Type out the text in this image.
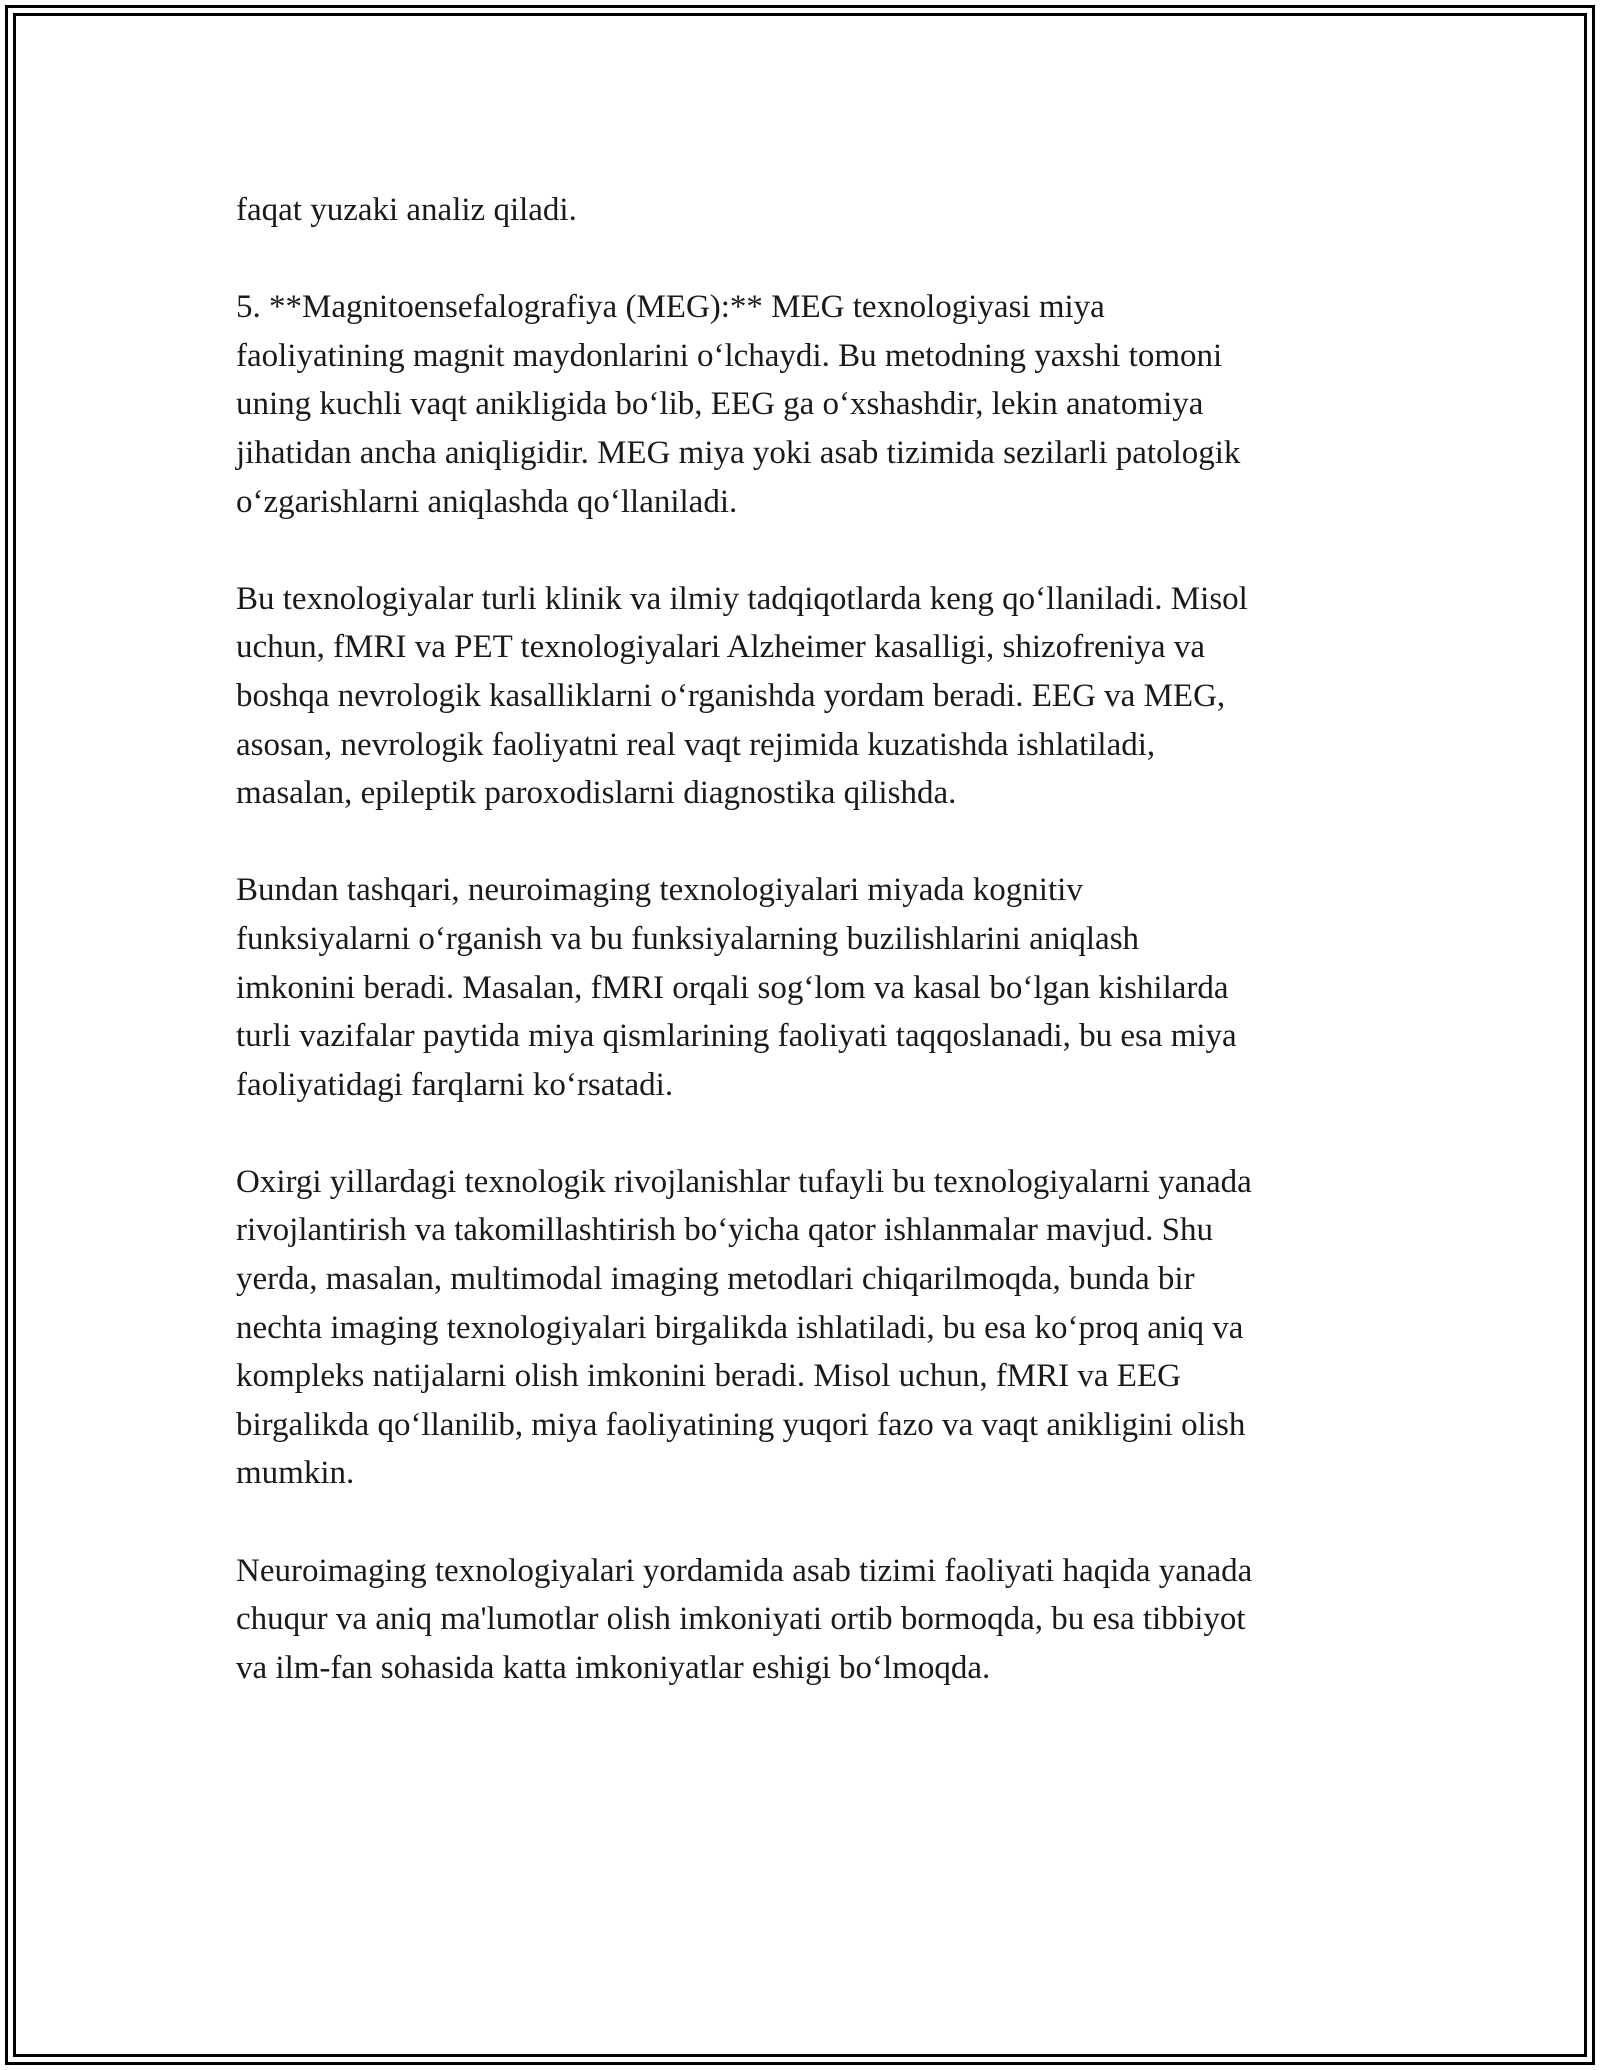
faqat yuzaki analiz qiladi.

5. **Magnitoensefalografiya (MEG):** MEG texnologiyasi miya
faoliyatining magnit maydonlarini o‘lchaydi. Bu metodning yaxshi tomoni
uning kuchli vaqt anikligida bo‘lib, EEG ga o‘xshashdir, lekin anatomiya
jihatidan ancha aniqligidir. MEG miya yoki asab tizimida sezilarli patologik
o‘zgarishlarni aniqlashda qo‘llaniladi.

Bu texnologiyalar turli klinik va ilmiy tadqiqotlarda keng qo‘llaniladi. Misol
uchun, fMRI va PET texnologiyalari Alzheimer kasalligi, shizofreniya va
boshqa nevrologik kasalliklarni o‘rganishda yordam beradi. EEG va MEG,
asosan, nevrologik faoliyatni real vaqt rejimida kuzatishda ishlatiladi,
masalan, epileptik paroxodislarni diagnostika qilishda.

Bundan tashqari, neuroimaging texnologiyalari miyada kognitiv
funksiyalarni o‘rganish va bu funksiyalarning buzilishlarini aniqlash
imkonini beradi. Masalan, fMRI orqali sog‘lom va kasal bo‘lgan kishilarda
turli vazifalar paytida miya qismlarining faoliyati taqqoslanadi, bu esa miya
faoliyatidagi farqlarni ko‘rsatadi.

Oxirgi yillardagi texnologik rivojlanishlar tufayli bu texnologiyalarni yanada
rivojlantirish va takomillashtirish bo‘yicha qator ishlanmalar mavjud. Shu
yerda, masalan, multimodal imaging metodlari chiqarilmoqda, bunda bir
nechta imaging texnologiyalari birgalikda ishlatiladi, bu esa ko‘proq aniq va
kompleks natijalarni olish imkonini beradi. Misol uchun, fMRI va EEG
birgalikda qo‘llanilib, miya faoliyatining yuqori fazo va vaqt anikligini olish
mumkin.

Neuroimaging texnologiyalari yordamida asab tizimi faoliyati haqida yanada
chuqur va aniq ma'lumotlar olish imkoniyati ortib bormoqda, bu esa tibbiyot
va ilm-fan sohasida katta imkoniyatlar eshigi bo‘lmoqda.
